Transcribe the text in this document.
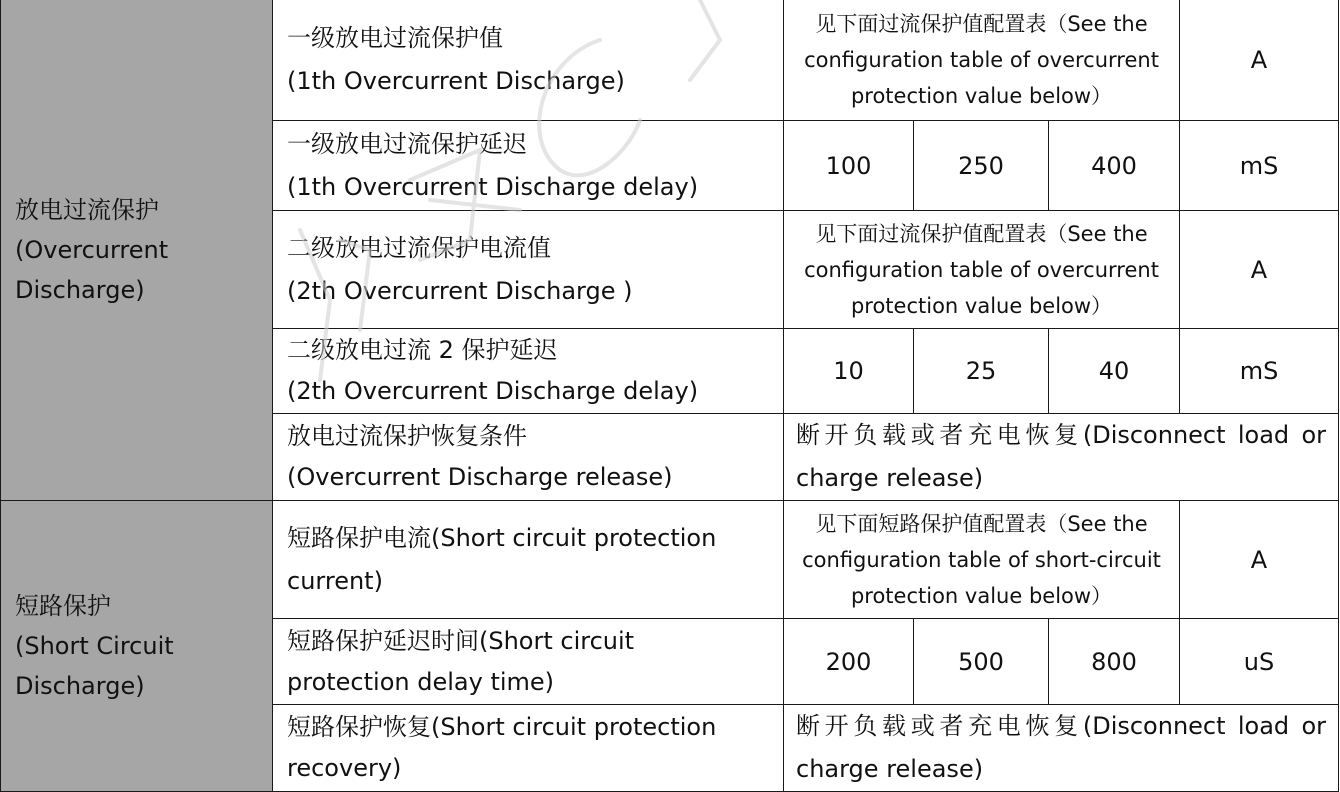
放电过流保护
(Overcurrent
Discharge)	一级放电过流保护值
(1th Overcurrent Discharge)	见下面过流保护值配置表（See the
configuration table of overcurrent
protection value below）			A

	一级放电过流保护延迟
(1th Overcurrent Discharge delay)	100	250	400	mS

	二级放电过流保护电流值
(2th Overcurrent Discharge )	见下面过流保护值配置表（See the
configuration table of overcurrent
protection value below）			A

	二级放电过流 2 保护延迟
(2th Overcurrent Discharge delay)	10	25	40	mS

	放电过流保护恢复条件
(Overcurrent Discharge release)	断开负载或者充电恢复(Disconnect load or charge release)			

短路保护
(Short Circuit
Discharge)	短路保护电流(Short circuit protection
current)	见下面短路保护值配置表（See the
configuration table of short-circuit
protection value below）			A

	短路保护延迟时间(Short circuit
protection delay time)	200	500	800	uS

	短路保护恢复(Short circuit protection
recovery)	断开负载或者充电恢复(Disconnect load or charge release)			
